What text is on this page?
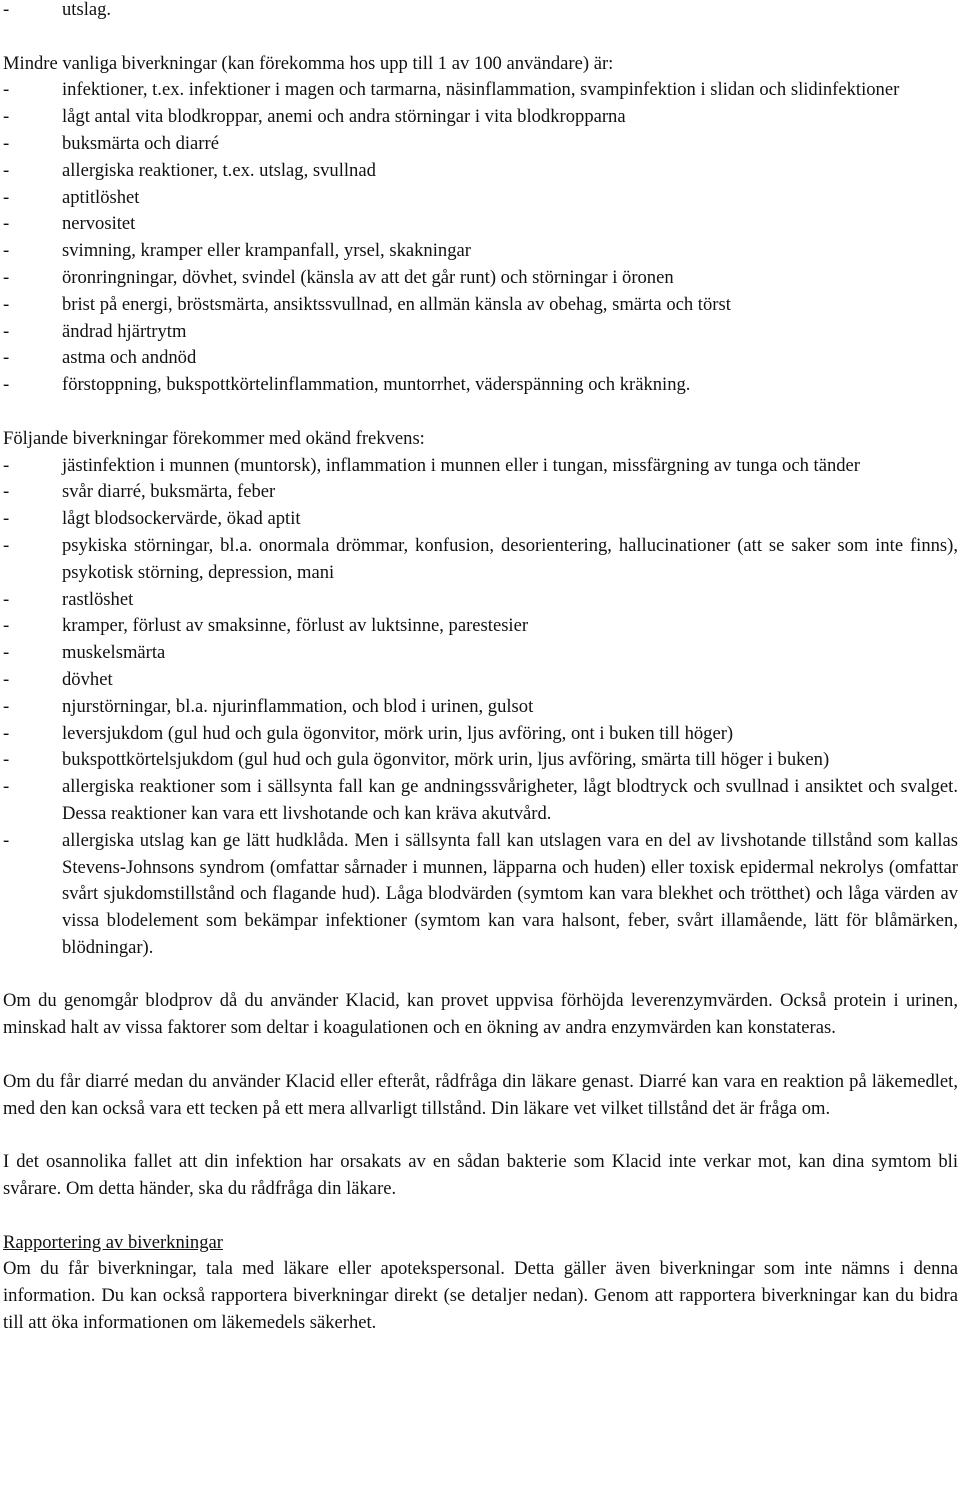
-	utslag.

Mindre vanliga biverkningar (kan förekomma hos upp till 1 av 100 användare) är:

-	infektioner, t.ex. infektioner i magen och tarmarna, näsinflammation, svampinfektion i slidan och slidinfektioner
-	lågt antal vita blodkroppar, anemi och andra störningar i vita blodkropparna
-	buksmärta och diarré
-	allergiska reaktioner, t.ex. utslag, svullnad
-	aptitlöshet
-	nervositet
-	svimning, kramper eller krampanfall, yrsel, skakningar
-	öronringningar, dövhet, svindel (känsla av att det går runt) och störningar i öronen
-	brist på energi, bröstsmärta, ansiktssvullnad, en allmän känsla av obehag, smärta och törst
-	ändrad hjärtrytm
-	astma och andnöd
-	förstoppning, bukspottkörtelinflammation, muntorrhet, väderspänning och kräkning.

Följande biverkningar förekommer med okänd frekvens:

-	jästinfektion i munnen (muntorsk), inflammation i munnen eller i tungan, missfärgning av tunga och tänder
-	svår diarré, buksmärta, feber
-	lågt blodsockervärde, ökad aptit
-	psykiska störningar, bl.a. onormala drömmar, konfusion, desorientering, hallucinationer (att se saker som inte finns), psykotisk störning, depression, mani
-	rastlöshet
-	kramper, förlust av smaksinne, förlust av luktsinne, parestesier
-	muskelsmärta
-	dövhet
-	njurstörningar, bl.a. njurinflammation, och blod i urinen, gulsot
-	leversjukdom (gul hud och gula ögonvitor, mörk urin, ljus avföring, ont i buken till höger)
-	bukspottkörtelsjukdom (gul hud och gula ögonvitor, mörk urin, ljus avföring, smärta till höger i buken)
-	allergiska reaktioner som i sällsynta fall kan ge andningssvårigheter, lågt blodtryck och svullnad i ansiktet och svalget. Dessa reaktioner kan vara ett livshotande och kan kräva akutvård.
-	allergiska utslag kan ge lätt hudklåda. Men i sällsynta fall kan utslagen vara en del av livshotande tillstånd som kallas Stevens-Johnsons syndrom (omfattar sårnader i munnen, läpparna och huden) eller toxisk epidermal nekrolys (omfattar svårt sjukdomstillstånd och flagande hud). Låga blodvärden (symtom kan vara blekhet och trötthet) och låga värden av vissa blodelement som bekämpar infektioner (symtom kan vara halsont, feber, svårt illamående, lätt för blåmärken, blödningar).

Om du genomgår blodprov då du använder Klacid, kan provet uppvisa förhöjda leverenzymvärden. Också protein i urinen, minskad halt av vissa faktorer som deltar i koagulationen och en ökning av andra enzymvärden kan konstateras.

Om du får diarré medan du använder Klacid eller efteråt, rådfråga din läkare genast. Diarré kan vara en reaktion på läkemedlet, med den kan också vara ett tecken på ett mera allvarligt tillstånd. Din läkare vet vilket tillstånd det är fråga om.

I det osannolika fallet att din infektion har orsakats av en sådan bakterie som Klacid inte verkar mot, kan dina symtom bli svårare. Om detta händer, ska du rådfråga din läkare.

Rapportering av biverkningar

Om du får biverkningar, tala med läkare eller apotekspersonal. Detta gäller även biverkningar som inte nämns i denna information. Du kan också rapportera biverkningar direkt (se detaljer nedan). Genom att rapportera biverkningar kan du bidra till att öka informationen om läkemedels säkerhet.
